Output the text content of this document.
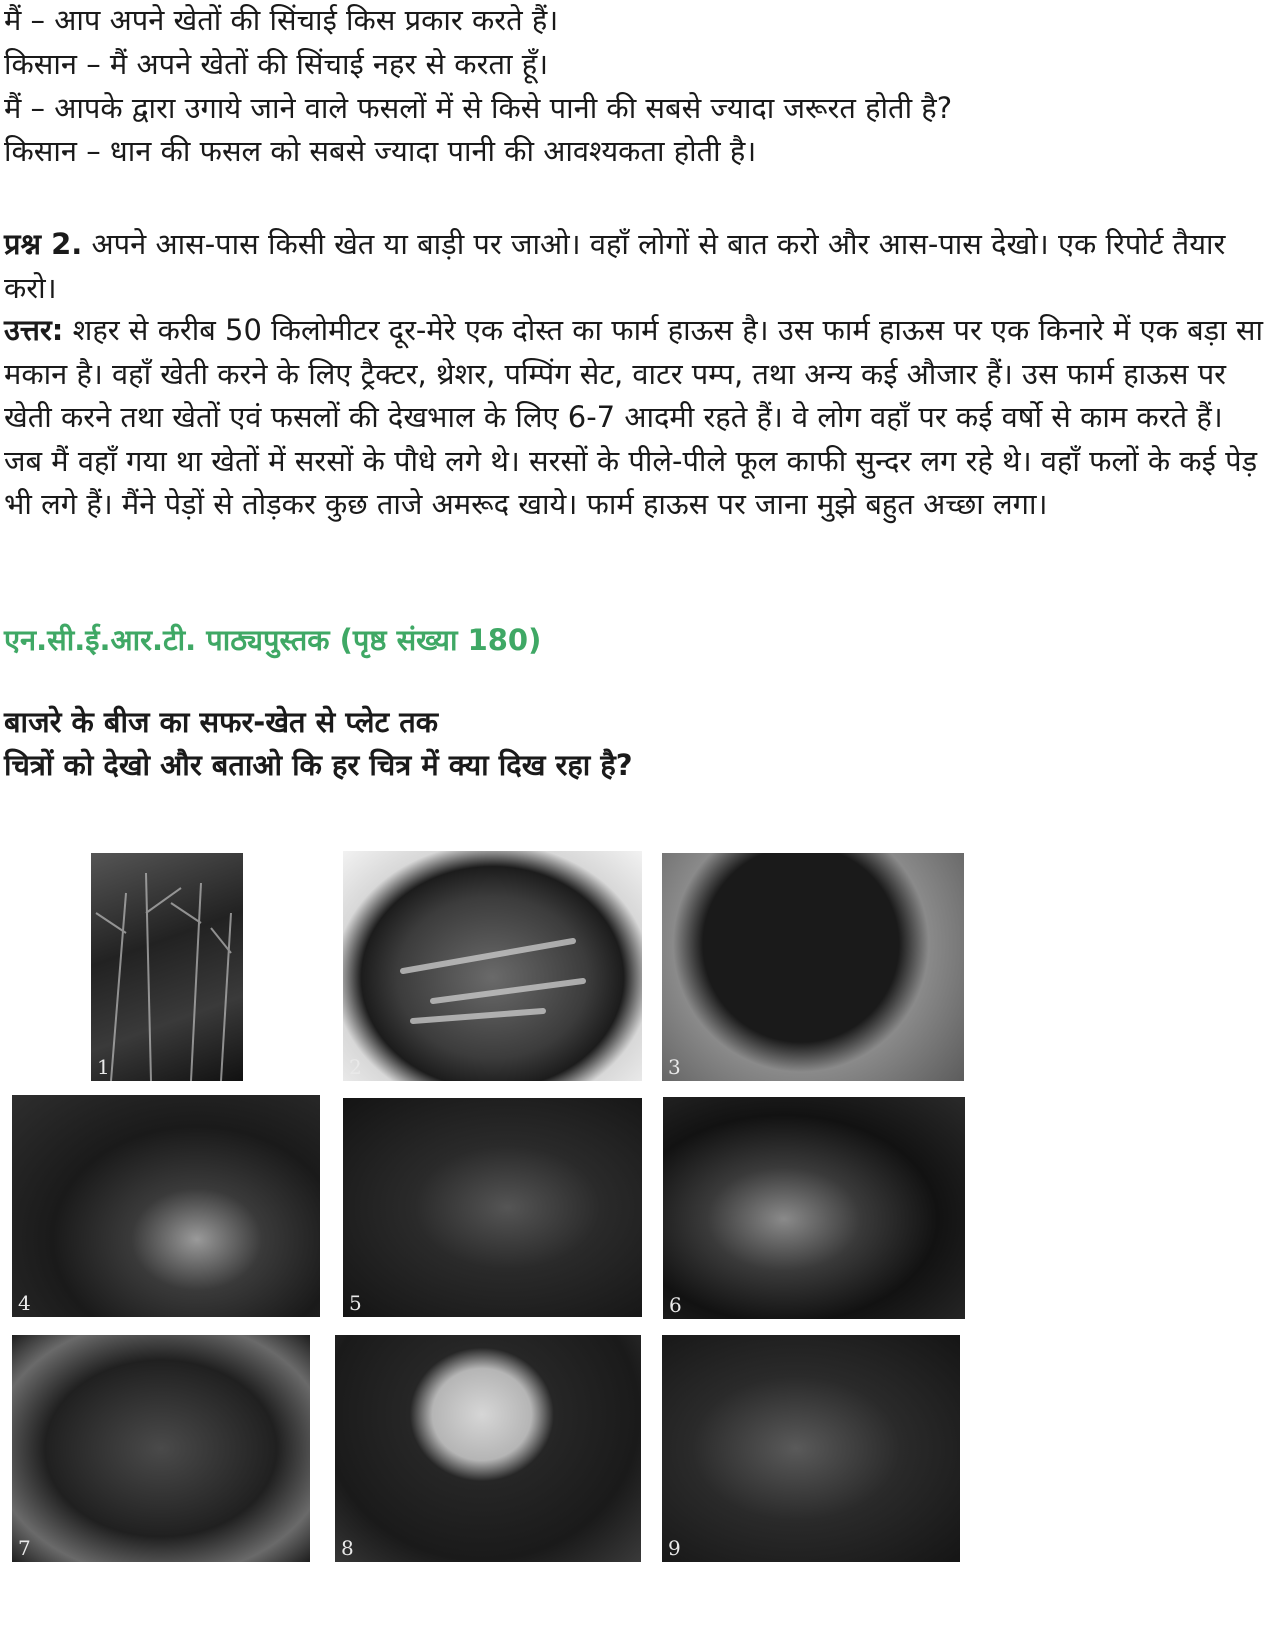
मैं – आप अपने खेतों की सिंचाई किस प्रकार करते हैं।
किसान – मैं अपने खेतों की सिंचाई नहर से करता हूँ।
मैं – आपके द्वारा उगाये जाने वाले फसलों में से किसे पानी की सबसे ज्यादा जरूरत होती है?
किसान – धान की फसल को सबसे ज्यादा पानी की आवश्यकता होती है।
प्रश्न 2. अपने आस-पास किसी खेत या बाड़ी पर जाओ। वहाँ लोगों से बात करो और आस-पास देखो। एक रिपोर्ट तैयार करो।
उत्तर: शहर से करीब 50 किलोमीटर दूर-मेरे एक दोस्त का फार्म हाऊस है। उस फार्म हाऊस पर एक किनारे में एक बड़ा सा मकान है। वहाँ खेती करने के लिए ट्रैक्टर, थ्रेशर, पम्पिंग सेट, वाटर पम्प, तथा अन्य कई औजार हैं। उस फार्म हाऊस पर खेती करने तथा खेतों एवं फसलों की देखभाल के लिए 6-7 आदमी रहते हैं। वे लोग वहाँ पर कई वर्षो से काम करते हैं। जब मैं वहाँ गया था खेतों में सरसों के पौधे लगे थे। सरसों के पीले-पीले फूल काफी सुन्दर लग रहे थे। वहाँ फलों के कई पेड़ भी लगे हैं। मैंने पेड़ों से तोड़कर कुछ ताजे अमरूद खाये। फार्म हाऊस पर जाना मुझे बहुत अच्छा लगा।
एन.सी.ई.आर.टी. पाठ्यपुस्तक (पृष्ठ संख्या 180)
बाजरे के बीज का सफर-खेत से प्लेट तक
चित्रों को देखो और बताओ कि हर चित्र में क्या दिख रहा है?
1	2	3
4	5	6
7	8	9
